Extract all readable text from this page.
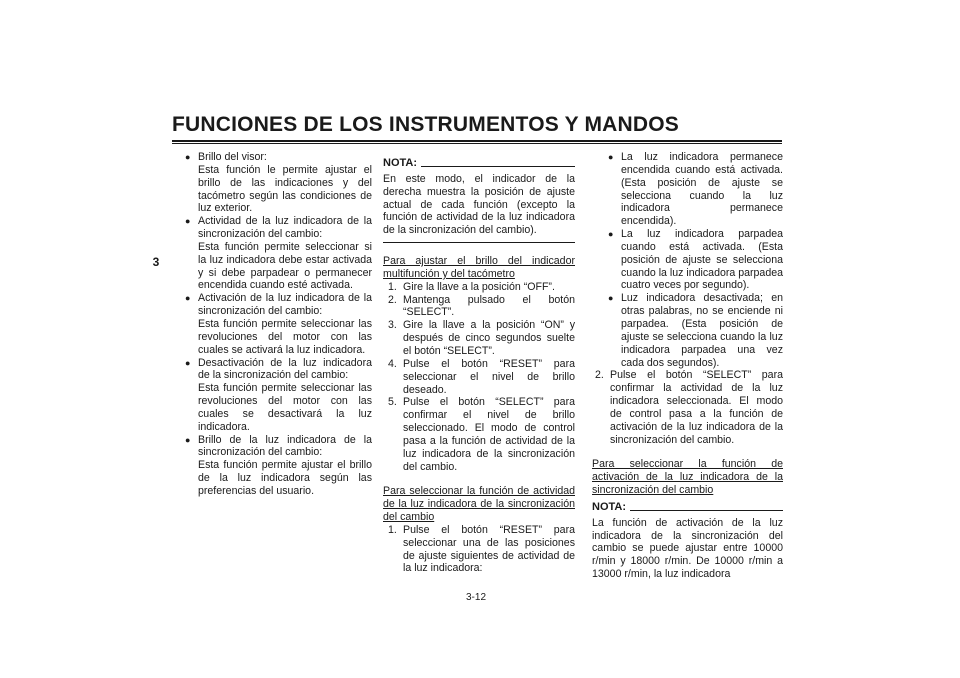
FUNCIONES DE LOS INSTRUMENTOS Y MANDOS
3

● Brillo del visor:

Esta función le permite ajustar el brillo de las indicaciones y del tacómetro según las condiciones de luz exterior.

● Actividad de la luz indicadora de la sincronización del cambio:

Esta función permite seleccionar si la luz indicadora debe estar activada y si debe parpadear o permanecer encendida cuando esté activada.

● Activación de la luz indicadora de la sincronización del cambio:

Esta función permite seleccionar las revoluciones del motor con las cuales se activará la luz indicadora.

● Desactivación de la luz indicadora de la sincronización del cambio:

Esta función permite seleccionar las revoluciones del motor con las cuales se desactivará la luz indicadora.

● Brillo de la luz indicadora de la sincronización del cambio:

Esta función permite ajustar el brillo de la luz indicadora según las preferencias del usuario.

NOTA:

En este modo, el indicador de la derecha muestra la posición de ajuste actual de cada función (excepto la función de actividad de la luz indicadora de la sincronización del cambio).

Para ajustar el brillo del indicador multifunción y del tacómetro

1. Gire la llave a la posición “OFF”.

2. Mantenga pulsado el botón “SELECT”.

3. Gire la llave a la posición “ON” y después de cinco segundos suelte el botón “SELECT”.

4. Pulse el botón “RESET” para seleccionar el nivel de brillo deseado.

5. Pulse el botón “SELECT” para confirmar el nivel de brillo seleccionado. El modo de control pasa a la función de actividad de la luz indicadora de la sincronización del cambio.

Para seleccionar la función de actividad de la luz indicadora de la sincronización del cambio

1. Pulse el botón “RESET” para seleccionar una de las posiciones de ajuste siguientes de actividad de la luz indicadora:

● La luz indicadora permanece encendida cuando está activada. (Esta posición de ajuste se selecciona cuando la luz indicadora permanece encendida).

● La luz indicadora parpadea cuando está activada. (Esta posición de ajuste se selecciona cuando la luz indicadora parpadea cuatro veces por segundo).

● Luz indicadora desactivada; en otras palabras, no se enciende ni parpadea. (Esta posición de ajuste se selecciona cuando la luz indicadora parpadea una vez cada dos segundos).

2. Pulse el botón “SELECT” para confirmar la actividad de la luz indicadora seleccionada. El modo de control pasa a la función de activación de la luz indicadora de la sincronización del cambio.

Para seleccionar la función de activación de la luz indicadora de la sincronización del cambio

NOTA:

La función de activación de la luz indicadora de la sincronización del cambio se puede ajustar entre 10000 r/min y 18000 r/min. De 10000 r/min a 13000 r/min, la luz indicadora

3-12
